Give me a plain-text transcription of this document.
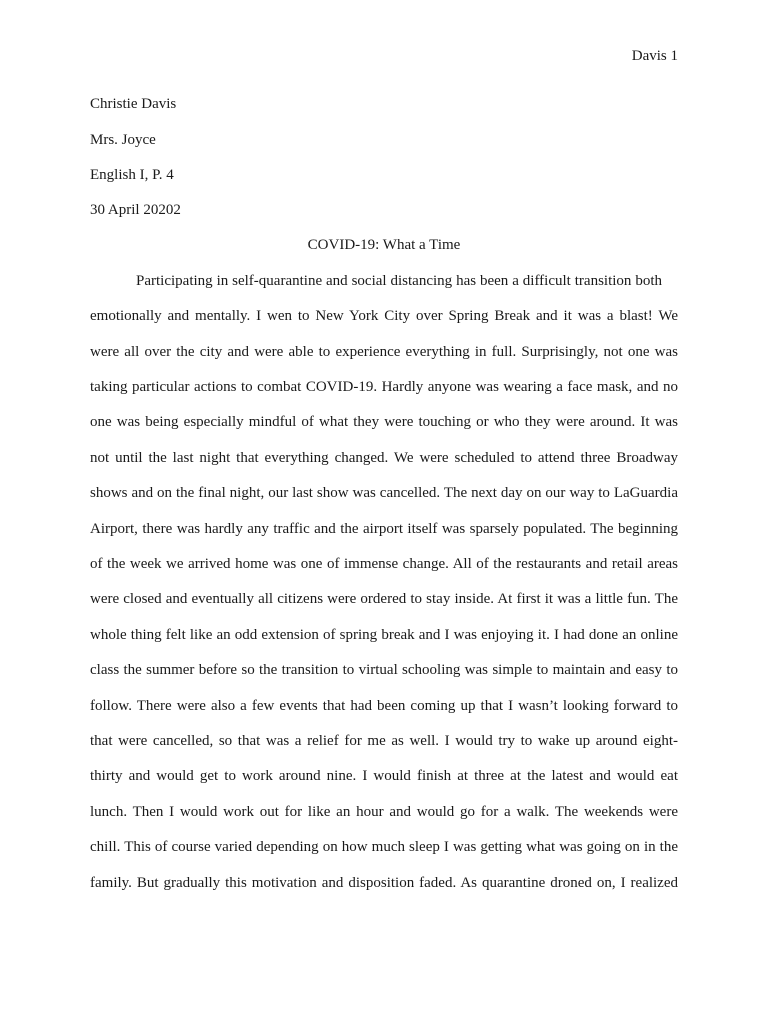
Davis 1
Christie Davis
Mrs. Joyce
English I, P. 4
30 April 20202
COVID-19: What a Time
Participating in self-quarantine and social distancing has been a difficult transition both
emotionally and mentally. I wen to New York City over Spring Break and it was a blast! We
were all over the city and were able to experience everything in full. Surprisingly, not one was
taking particular actions to combat COVID-19. Hardly anyone was wearing a face mask, and no
one was being especially mindful of what they were touching or who they were around. It was
not until the last night that everything changed. We were scheduled to attend three Broadway
shows and on the final night, our last show was cancelled. The next day on our way to LaGuardia
Airport, there was hardly any traffic and the airport itself was sparsely populated. The beginning
of the week we arrived home was one of immense change. All of the restaurants and retail areas
were closed and eventually all citizens were ordered to stay inside. At first it was a little fun. The
whole thing felt like an odd extension of spring break and I was enjoying it. I had done an online
class the summer before so the transition to virtual schooling was simple to maintain and easy to
follow. There were also a few events that had been coming up that I wasn’t looking forward to
that were cancelled, so that was a relief for me as well. I would try to wake up around eight-
thirty and would get to work around nine. I would finish at three at the latest and would eat
lunch. Then I would work out for like an hour and would go for a walk. The weekends were
chill. This of course varied depending on how much sleep I was getting what was going on in the
family. But gradually this motivation and disposition faded. As quarantine droned on, I realized
